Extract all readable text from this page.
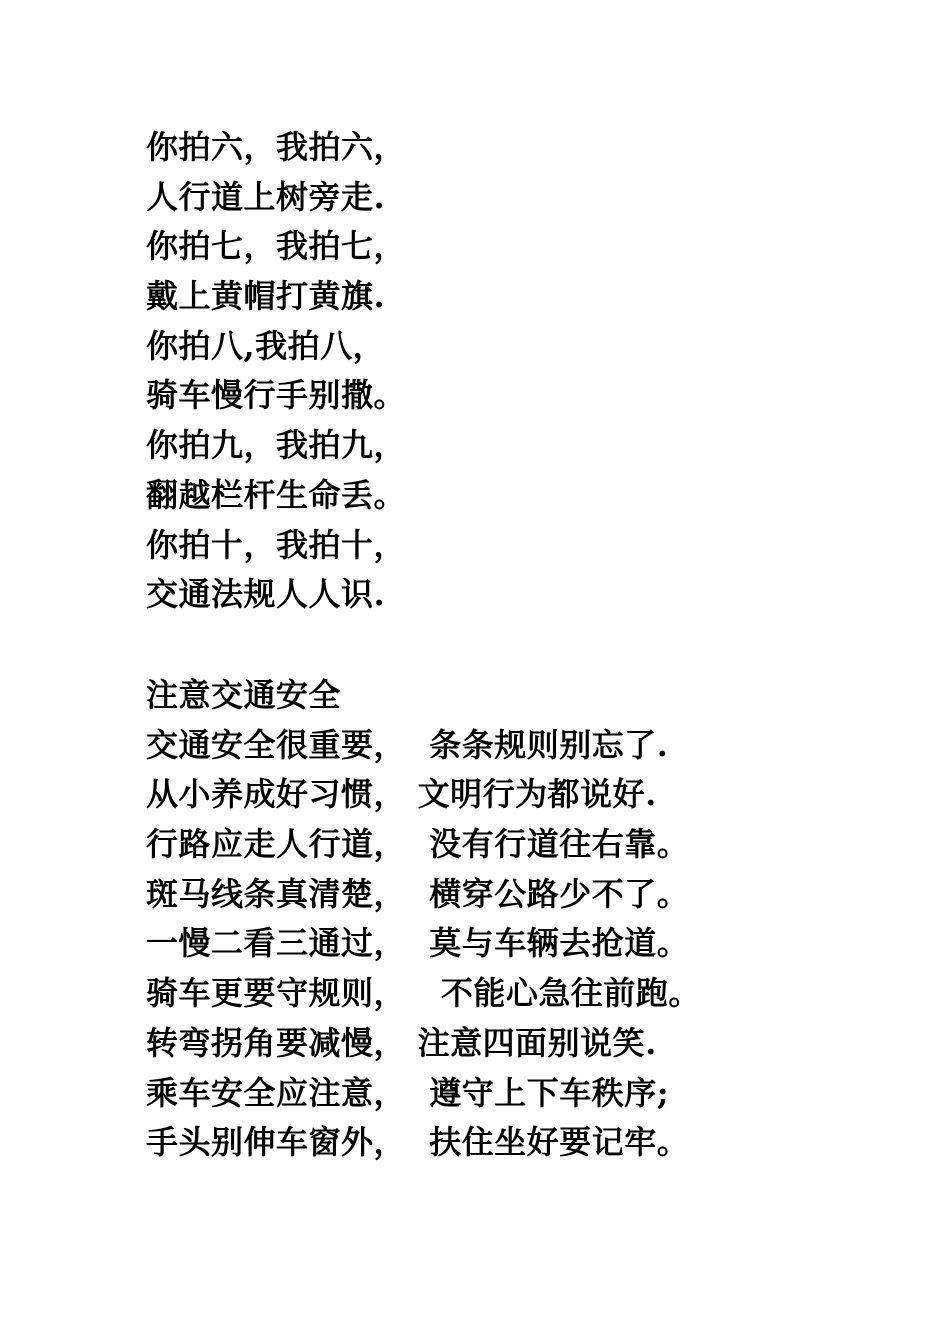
你拍六，我拍六，
人行道上树旁走.
你拍七，我拍七，
戴上黄帽打黄旗.
你拍八,我拍八，
骑车慢行手别撒。
你拍九，我拍九，
翻越栏杆生命丢。
你拍十，我拍十，
交通法规人人识.
注意交通安全
交通安全很重要，  条条规则别忘了.
从小养成好习惯， 文明行为都说好.
行路应走人行道，  没有行道往右靠。
斑马线条真清楚，  横穿公路少不了。
一慢二看三通过，  莫与车辆去抢道。
骑车更要守规则，   不能心急往前跑。
转弯拐角要减慢， 注意四面别说笑.
乘车安全应注意，  遵守上下车秩序;
手头别伸车窗外，  扶住坐好要记牢。
